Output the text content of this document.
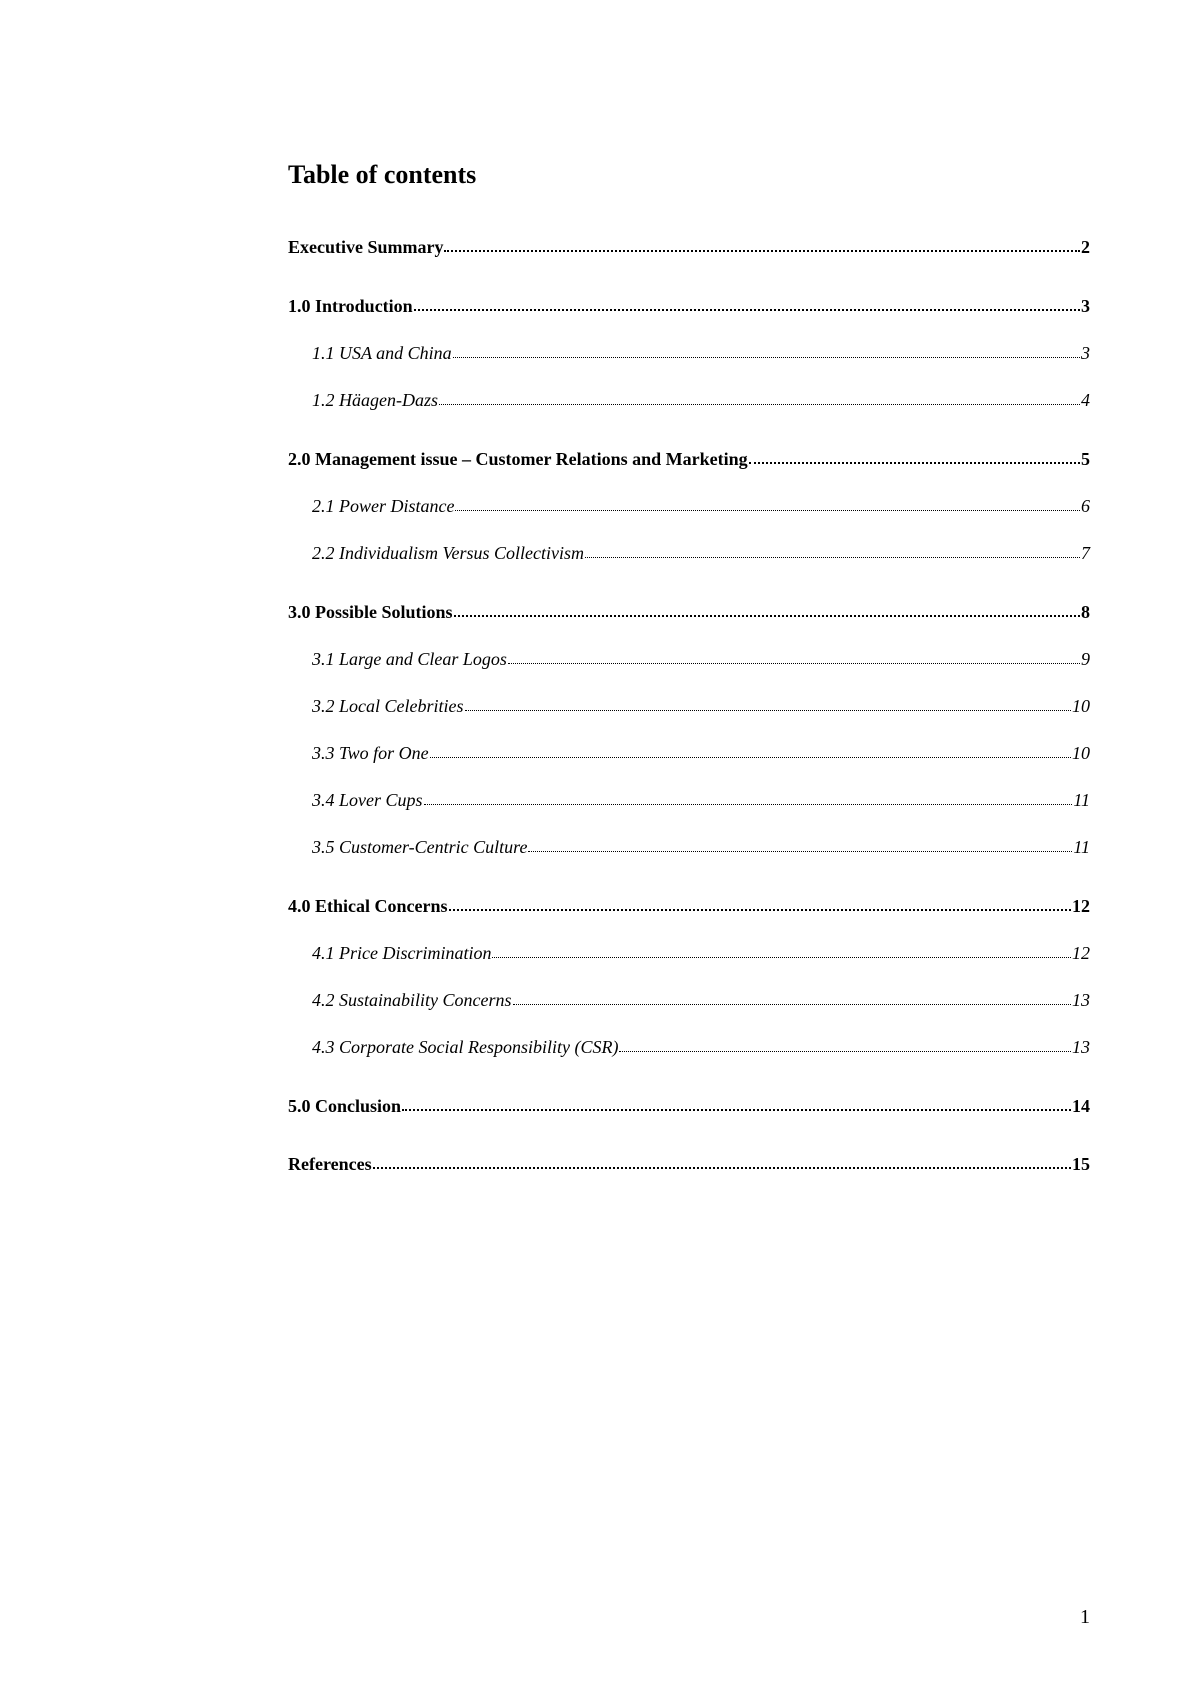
Table of contents
Executive Summary	2
1.0 Introduction	3
1.1 USA and China	3
1.2 Häagen-Dazs	4
2.0 Management issue – Customer Relations and Marketing	5
2.1 Power Distance	6
2.2 Individualism Versus Collectivism	7
3.0 Possible Solutions	8
3.1 Large and Clear Logos	9
3.2 Local Celebrities	10
3.3 Two for One	10
3.4 Lover Cups	11
3.5 Customer-Centric Culture	11
4.0 Ethical Concerns	12
4.1 Price Discrimination	12
4.2 Sustainability Concerns	13
4.3 Corporate Social Responsibility (CSR)	13
5.0 Conclusion	14
References	15
1
